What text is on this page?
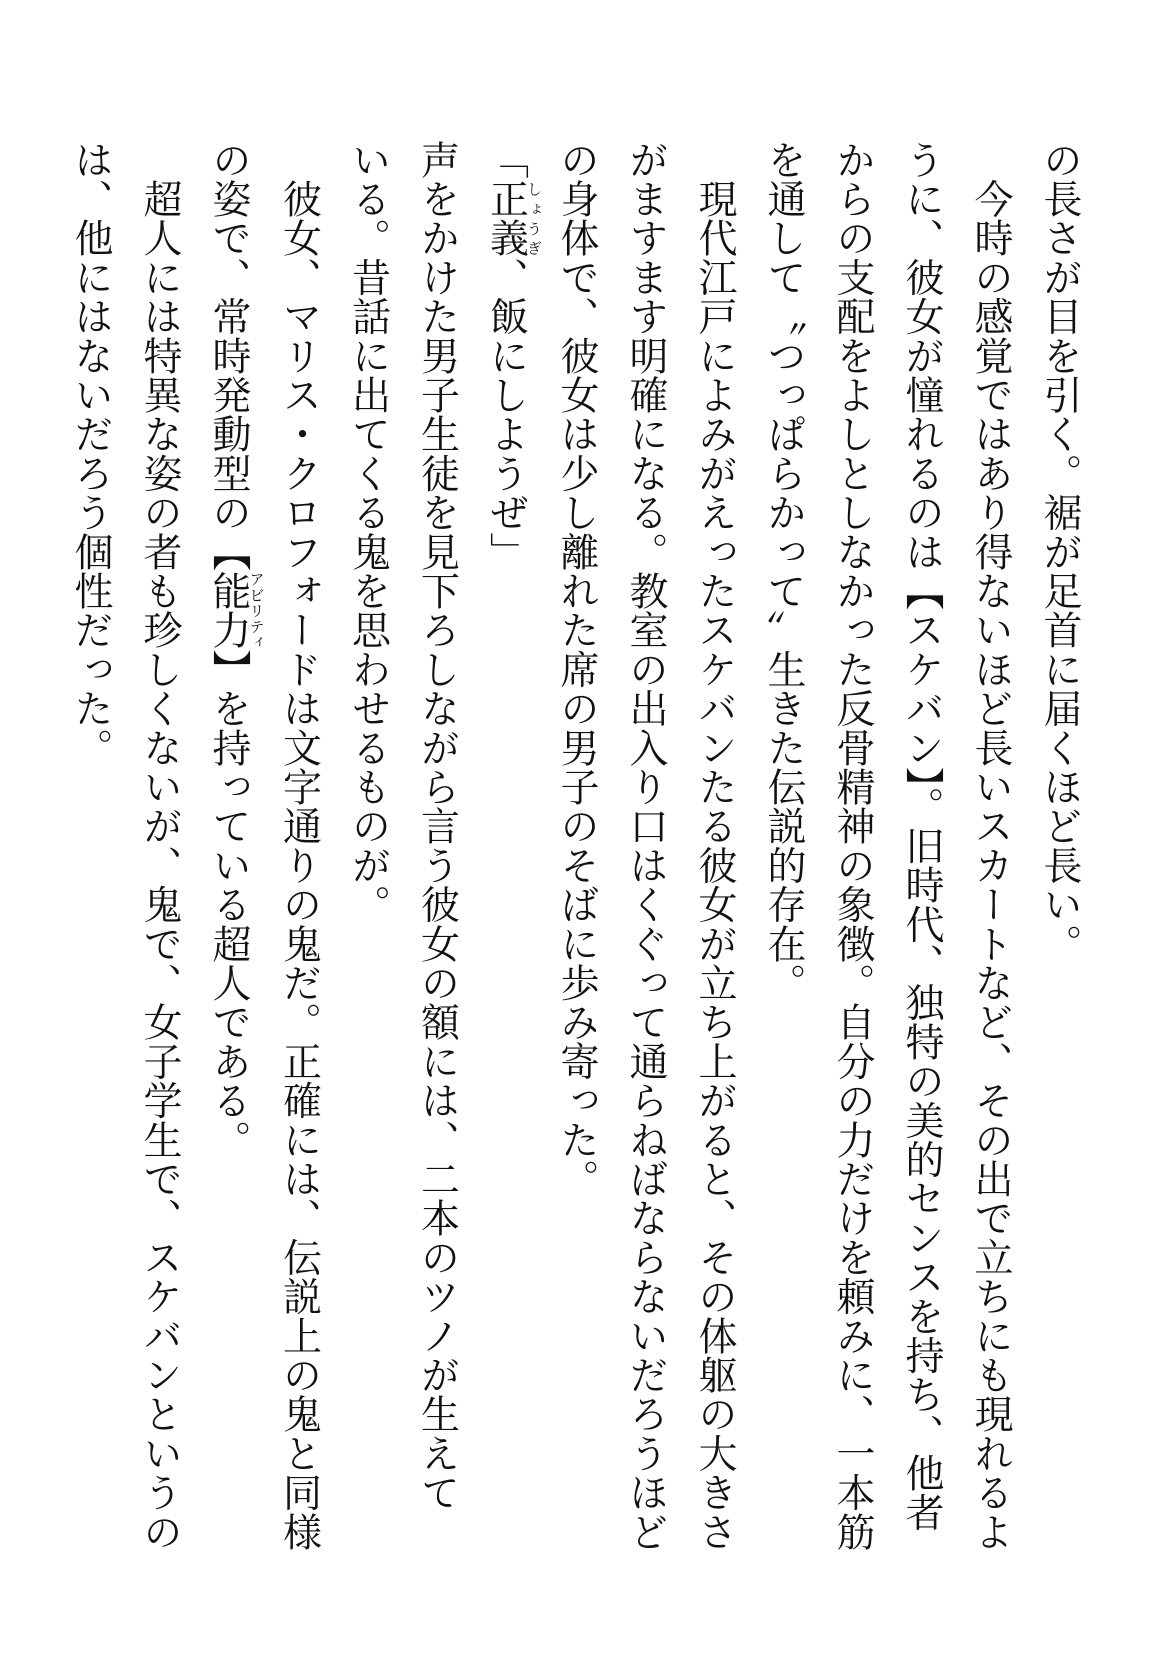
の長さが目を引く。裾が足首に届くほど長い。
　今時の感覚ではあり得ないほど長いスカートなど、その出で立ちにも現れるよ
うに、彼女が憧れるのは【スケバン】。旧時代、独特の美的センスを持ち、他者
からの支配をよしとしなかった反骨精神の象徴。自分の力だけを頼みに、一本筋
を通して〝つっぱらかって〟生きた伝説的存在。
　現代江戸によみがえったスケバンたる彼女が立ち上がると、その体躯の大きさ
がますます明確になる。教室の出入り口はくぐって通らねばならないだろうほど
の身体で、彼女は少し離れた席の男子のそばに歩み寄った。
「正義しょうぎ、飯にしようぜ」
声をかけた男子生徒を見下ろしながら言う彼女の額には、二本のツノが生えて
いる。昔話に出てくる鬼を思わせるものが。
　彼女、マリス・クロフォードは文字通りの鬼だ。正確には、伝説上の鬼と同様
の姿で、常時発動型の【能力アビリティ】を持っている超人である。
　超人には特異な姿の者も珍しくないが、鬼で、女子学生で、スケバンというの
は、他にはないだろう個性だった。
